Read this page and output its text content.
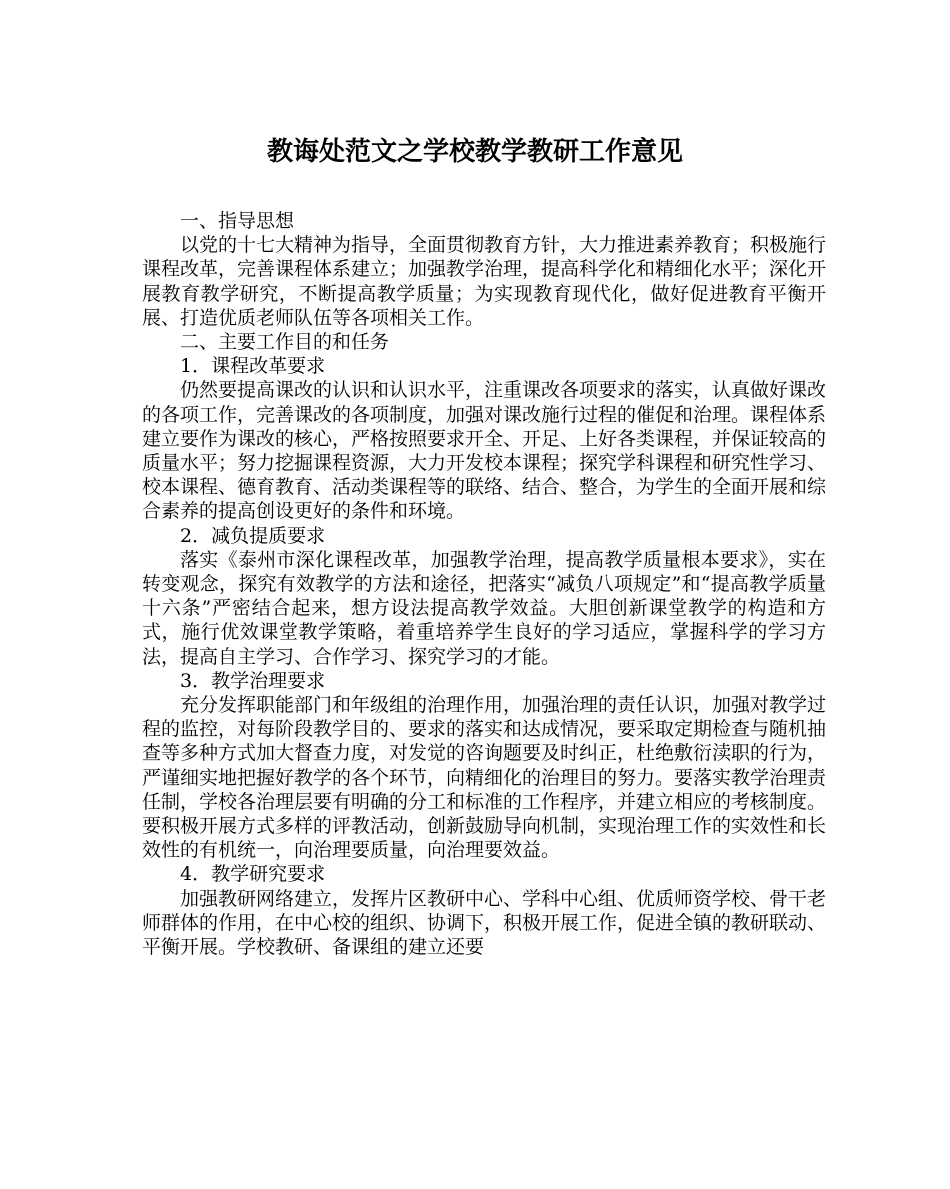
教诲处范文之学校教学教研工作意见

一、指导思想

以党的十七大精神为指导，全面贯彻教育方针，大力推进素养教育；积极施行课程改革，完善课程体系建立；加强教学治理，提高科学化和精细化水平；深化开展教育教学研究，不断提高教学质量；为实现教育现代化，做好促进教育平衡开展、打造优质老师队伍等各项相关工作。

二、主要工作目的和任务

1．课程改革要求

仍然要提高课改的认识和认识水平，注重课改各项要求的落实，认真做好课改的各项工作，完善课改的各项制度，加强对课改施行过程的催促和治理。课程体系建立要作为课改的核心，严格按照要求开全、开足、上好各类课程，并保证较高的质量水平；努力挖掘课程资源，大力开发校本课程；探究学科课程和研究性学习、校本课程、德育教育、活动类课程等的联络、结合、整合，为学生的全面开展和综合素养的提高创设更好的条件和环境。

2．减负提质要求

落实《泰州市深化课程改革，加强教学治理，提高教学质量根本要求》，实在转变观念，探究有效教学的方法和途径，把落实“减负八项规定”和“提高教学质量十六条”严密结合起来，想方设法提高教学效益。大胆创新课堂教学的构造和方式，施行优效课堂教学策略，着重培养学生良好的学习适应，掌握科学的学习方法，提高自主学习、合作学习、探究学习的才能。

3．教学治理要求

充分发挥职能部门和年级组的治理作用，加强治理的责任认识，加强对教学过程的监控，对每阶段教学目的、要求的落实和达成情况，要采取定期检查与随机抽查等多种方式加大督查力度，对发觉的咨询题要及时纠正，杜绝敷衍渎职的行为，严谨细实地把握好教学的各个环节，向精细化的治理目的努力。要落实教学治理责任制，学校各治理层要有明确的分工和标准的工作程序，并建立相应的考核制度。要积极开展方式多样的评教活动，创新鼓励导向机制，实现治理工作的实效性和长效性的有机统一，向治理要质量，向治理要效益。

4．教学研究要求

加强教研网络建立，发挥片区教研中心、学科中心组、优质师资学校、骨干老师群体的作用，在中心校的组织、协调下，积极开展工作，促进全镇的教研联动、平衡开展。学校教研、备课组的建立还要
